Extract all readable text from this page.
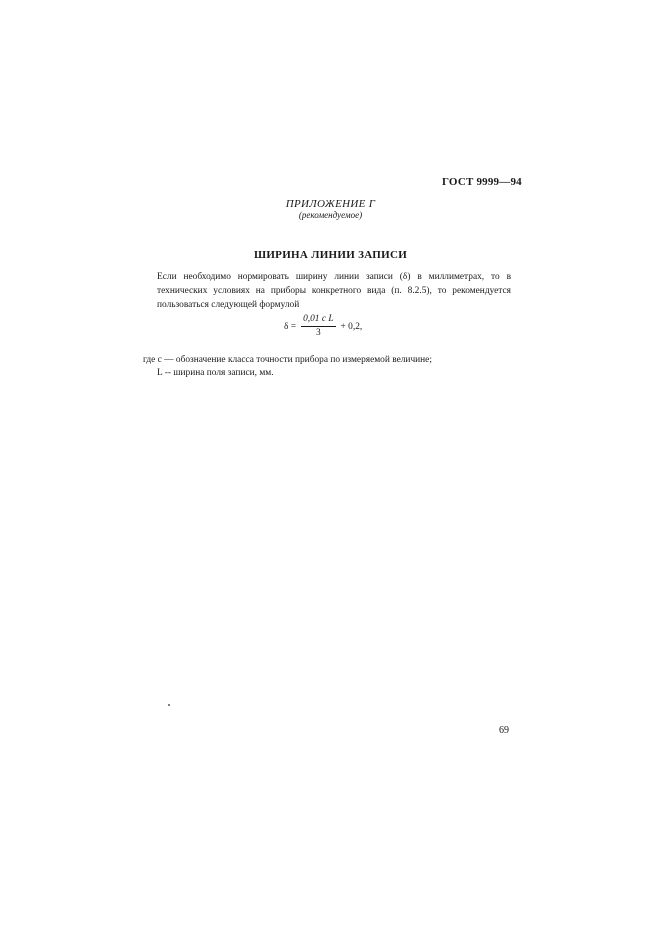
ГОСТ 9999—94
ПРИЛОЖЕНИЕ Г
(рекомендуемое)
ШИРИНА ЛИНИИ ЗАПИСИ
Если необходимо нормировать ширину линии записи (δ) в миллиметрах, то в технических условиях на приборы конкретного вида (п. 8.2.5), то рекомендуется пользоваться следующей формулой
$\delta = \frac{\text{0,01 c L}}{3} + 0,2$,
где c — обозначение класса точности прибора по измеряемой величине;
L -- ширина поля записи, мм.
69
